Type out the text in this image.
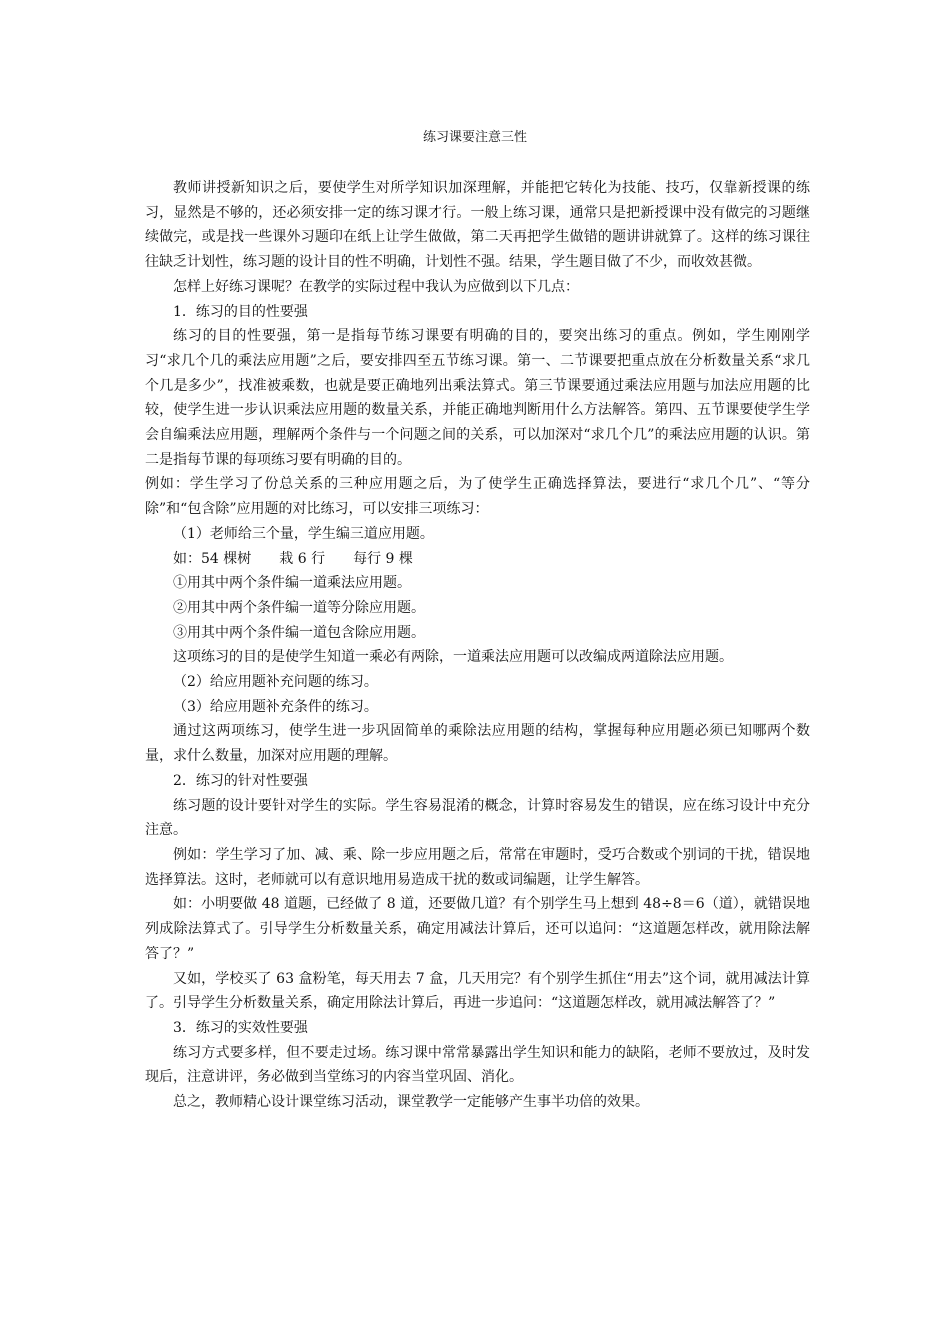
练习课要注意三性

教师讲授新知识之后，要使学生对所学知识加深理解，并能把它转化为技能、技巧，仅靠新授课的练习，显然是不够的，还必须安排一定的练习课才行。一般上练习课，通常只是把新授课中没有做完的习题继续做完，或是找一些课外习题印在纸上让学生做做，第二天再把学生做错的题讲讲就算了。这样的练习课往往缺乏计划性，练习题的设计目的性不明确，计划性不强。结果，学生题目做了不少，而收效甚微。

怎样上好练习课呢？在教学的实际过程中我认为应做到以下几点：

1．练习的目的性要强

练习的目的性要强，第一是指每节练习课要有明确的目的，要突出练习的重点。例如，学生刚刚学习“求几个几的乘法应用题”之后，要安排四至五节练习课。第一、二节课要把重点放在分析数量关系“求几个几是多少”，找准被乘数，也就是要正确地列出乘法算式。第三节课要通过乘法应用题与加法应用题的比较，使学生进一步认识乘法应用题的数量关系，并能正确地判断用什么方法解答。第四、五节课要使学生学会自编乘法应用题，理解两个条件与一个问题之间的关系，可以加深对“求几个几”的乘法应用题的认识。第二是指每节课的每项练习要有明确的目的。

例如：学生学习了份总关系的三种应用题之后，为了使学生正确选择算法，要进行“求几个几”、“等分除”和“包含除”应用题的对比练习，可以安排三项练习：

（1）老师给三个量，学生编三道应用题。

如：54 棵树　　栽 6 行　　每行 9 棵

①用其中两个条件编一道乘法应用题。

②用其中两个条件编一道等分除应用题。

③用其中两个条件编一道包含除应用题。

这项练习的目的是使学生知道一乘必有两除，一道乘法应用题可以改编成两道除法应用题。

（2）给应用题补充问题的练习。

（3）给应用题补充条件的练习。

通过这两项练习，使学生进一步巩固简单的乘除法应用题的结构，掌握每种应用题必须已知哪两个数量，求什么数量，加深对应用题的理解。

2．练习的针对性要强

练习题的设计要针对学生的实际。学生容易混淆的概念，计算时容易发生的错误，应在练习设计中充分注意。

例如：学生学习了加、减、乘、除一步应用题之后，常常在审题时，受巧合数或个别词的干扰，错误地选择算法。这时，老师就可以有意识地用易造成干扰的数或词编题，让学生解答。

如：小明要做 48 道题，已经做了 8 道，还要做几道？有个别学生马上想到 48÷8＝6（道），就错误地列成除法算式了。引导学生分析数量关系，确定用减法计算后，还可以追问：“这道题怎样改，就用除法解答了？”

又如，学校买了 63 盒粉笔，每天用去 7 盒，几天用完？有个别学生抓住“用去”这个词，就用减法计算了。引导学生分析数量关系，确定用除法计算后，再进一步追问：“这道题怎样改，就用减法解答了？”

3．练习的实效性要强

练习方式要多样，但不要走过场。练习课中常常暴露出学生知识和能力的缺陷，老师不要放过，及时发现后，注意讲评，务必做到当堂练习的内容当堂巩固、消化。

总之，教师精心设计课堂练习活动，课堂教学一定能够产生事半功倍的效果。
